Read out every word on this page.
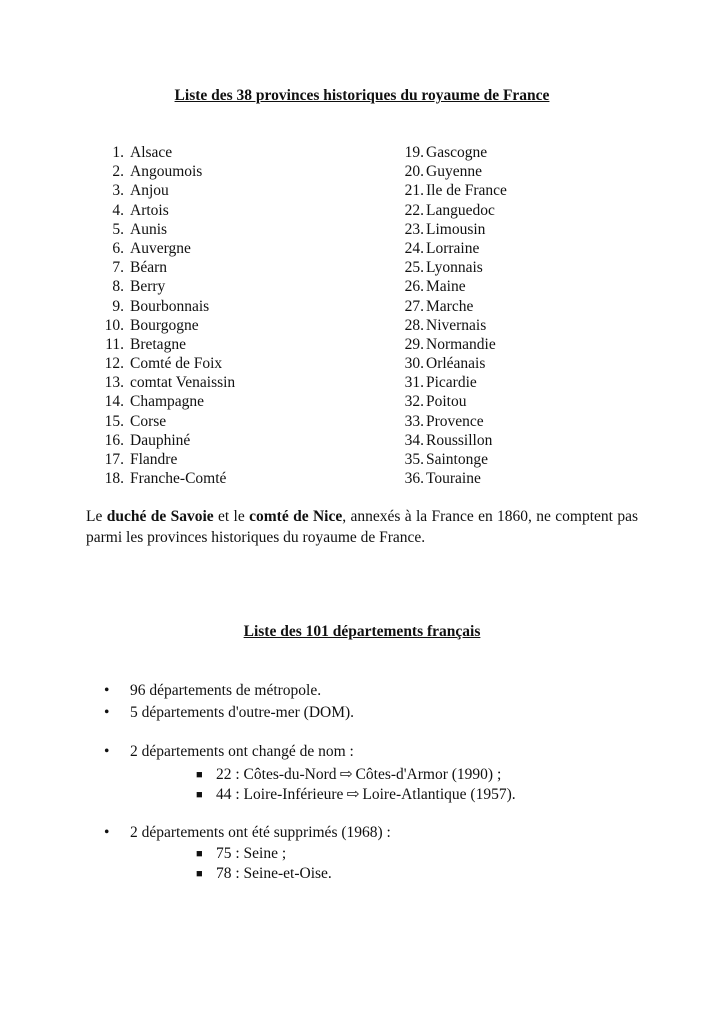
Liste des 38 provinces historiques du royaume de France
1. Alsace
2. Angoumois
3. Anjou
4. Artois
5. Aunis
6. Auvergne
7. Béarn
8. Berry
9. Bourbonnais
10. Bourgogne
11. Bretagne
12. Comté de Foix
13. comtat Venaissin
14. Champagne
15. Corse
16. Dauphiné
17. Flandre
18. Franche-Comté
19. Gascogne
20. Guyenne
21. Ile de France
22. Languedoc
23. Limousin
24. Lorraine
25. Lyonnais
26. Maine
27. Marche
28. Nivernais
29. Normandie
30. Orléanais
31. Picardie
32. Poitou
33. Provence
34. Roussillon
35. Saintonge
36. Touraine

Le duché de Savoie et le comté de Nice, annexés à la France en 1860, ne comptent pas parmi les provinces historiques du royaume de France.

Liste des 101 départements français
• 96 départements de métropole.
• 5 départements d'outre-mer (DOM).
• 2 départements ont changé de nom :
■ 22 : Côtes-du-Nord ⇨ Côtes-d'Armor (1990) ;
■ 44 : Loire-Inférieure ⇨ Loire-Atlantique (1957).
• 2 départements ont été supprimés (1968) :
■ 75 : Seine ;
■ 78 : Seine-et-Oise.
